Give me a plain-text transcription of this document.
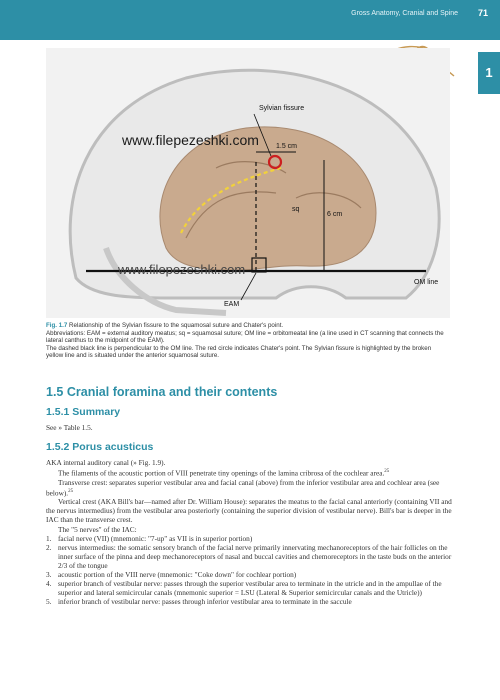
Gross Anatomy, Cranial and Spine 71
1
6 cm
1.5 cm
sq
Sylvian fissure
OM line
EAM
www.filepezeshki.com
www.filepezeshki.com
Fig. 1.7 Relationship of the Sylvian fissure to the squamosal suture and Chater's point.
Abbreviations: EAM = external auditory meatus; sq = squamosal suture; OM line = orbitomeatal line (a line used in CT scanning that connects the lateral canthus to the midpoint of the EAM).
The dashed black line is perpendicular to the OM line. The red circle indicates Chater's point. The Sylvian fissure is highlighted by the broken yellow line and is situated under the anterior squamosal suture.
1.5 Cranial foramina and their contents
1.5.1 Summary
See » Table 1.5.
1.5.2 Porus acusticus

AKA internal auditory canal (» Fig. 1.9).

The filaments of the acoustic portion of VIII penetrate tiny openings of the lamina cribrosa of the cochlear area.$^{25}$

Transverse crest: separates superior vestibular area and facial canal (above) from the inferior vestibular area and cochlear area (see below).$^{25}$

Vertical crest (AKA Bill's bar—named after Dr. William House): separates the meatus to the facial canal anteriorly (containing VII and the nervus intermedius) from the vestibular area posteriorly (containing the superior division of vestibular nerve). Bill's bar is deeper in the IAC than the transverse crest.

The "5 nerves" of the IAC:

1. facial nerve (VII) (mnemonic: "7-up" as VII is in superior portion)
2. nervus intermedius: the somatic sensory branch of the facial nerve primarily innervating mechanoreceptors of the hair follicles on the inner surface of the pinna and deep mechanoreceptors of nasal and buccal cavities and chemoreceptors in the taste buds on the anterior 2/3 of the tongue
3. acoustic portion of the VIII nerve (mnemonic: "Coke down" for cochlear portion)
4. superior branch of vestibular nerve: passes through the superior vestibular area to terminate in the utricle and in the ampullae of the superior and lateral semicircular canals (mnemonic superior = LSU (Lateral & Superior semicircular canals and the Utricle))
5. inferior branch of vestibular nerve: passes through inferior vestibular area to terminate in the saccule
